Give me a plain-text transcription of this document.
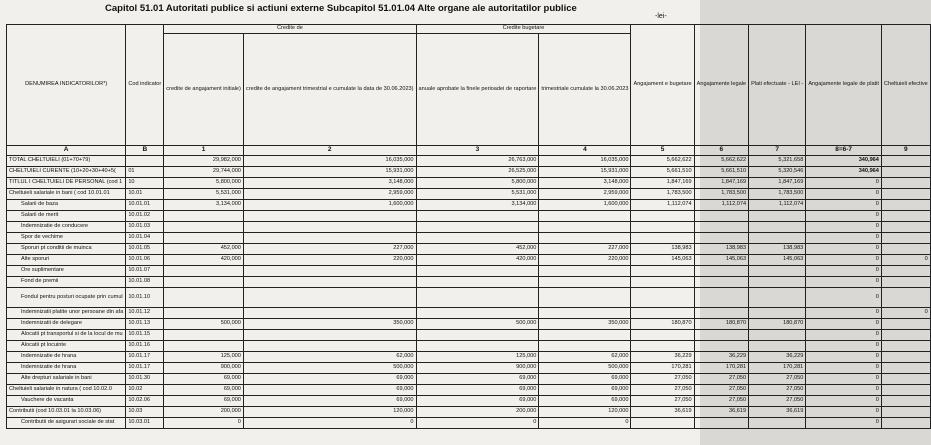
Capitol 51.01 Autoritati publice si actiuni externe Subcapitol 51.01.04 Alte organe ale autoritatilor publice
-lei-
DENUMIREA INDICATORILOR*)	Cod indicator	Credite de		Credite bugetare		Angajament e bugetare	Angajamente legale	Plati efectuate - LEI -	Angajamente legale de platit	Cheltuieli efective
		credite de angajament initiale)	credite de angajament trimestrial e cumulate la data de 30.06.2023)	anuale aprobate la finele perioadei de raportare	trimestriale cumulate la 30.06.2023					

A	B	1	2	3	4	5	6	7	8=6-7	9
TOTAL CHELTUIELI (01+70+79)		29,982,000	16,035,000	26,763,000	16,035,000	5,662,622	5,662,622	5,321,658	340,964	
CHELTUIELI CURENTE (10+20+30+40+5(	01	29,744,000	15,931,000	26,525,000	15,931,000	5,661,510	5,661,510	5,320,546	340,964	
TITLUL I CHELTUIELI DE PERSONAL (cod 1	10	5,800,000	3,148,000	5,800,000	3,148,000	1,847,169	1,847,169	1,847,169	0	
Cheltuieli salariale in bani ( cod 10.01.01	10.01	5,531,000	2,959,000	5,531,000	2,959,000	1,783,500	1,783,500	1,783,500	0	
Salarii de baza	10.01.01	3,134,000	1,600,000	3,134,000	1,600,000	1,112,074	1,112,074	1,112,074	0	
Salarii de merit	10.01.02								0	
Indemnizatie de conducere	10.01.03								0	
Spor de vechime	10.01.04								0	
Sporuri pt conditii de muinca	10.01.05	452,000	227,000	452,000	227,000	138,983	138,983	138,983	0	
Alte sporuri	10.01.06	420,000	220,000	420,000	220,000	145,063	145,063	145,063	0	0
Ore suplimentare	10.01.07								0	
Fond de premii	10.01.08								0	
Fondul pentru posturi ocupate prin cumul	10.01.10								0	
Indemnizatii platite unor persoane din afa	10.01.12								0	0
Indemnizatii de delegare	10.01.13	500,000	350,000	500,000	350,000	180,870	180,870	180,870	0	
Alocatii pt transportul si de la locul de mu	10.01.15								0	
Alocatii pt locuinte	10.01.16								0	
Indemnizatie de hrana	10.01.17	125,000	62,000	125,000	62,000	36,229	36,229	36,229	0	
Indemnizatie de hrana	10.01.17	900,000	500,000	900,000	500,000	170,281	170,281	170,281	0	
Alte drepturi salariale in bani	10.01.30	69,000	69,000	69,000	69,000	27,050	27,050	27,050	0	
Cheltuieli salariale in natura ( cod 10.02.0	10.02	69,000	69,000	69,000	69,000	27,050	27,050	27,050	0	
Vauchere de vacanta	10.02.06	69,000	69,000	69,000	69,000	27,050	27,050	27,050	0	
Contributii (cod 10.03.01 la 10.03.06)	10.03	200,000	120,000	200,000	120,000	36,619	36,619	36,619	0	
Contributii de asigurari sociale de stat	10.03.01	0	0	0	0				0	
